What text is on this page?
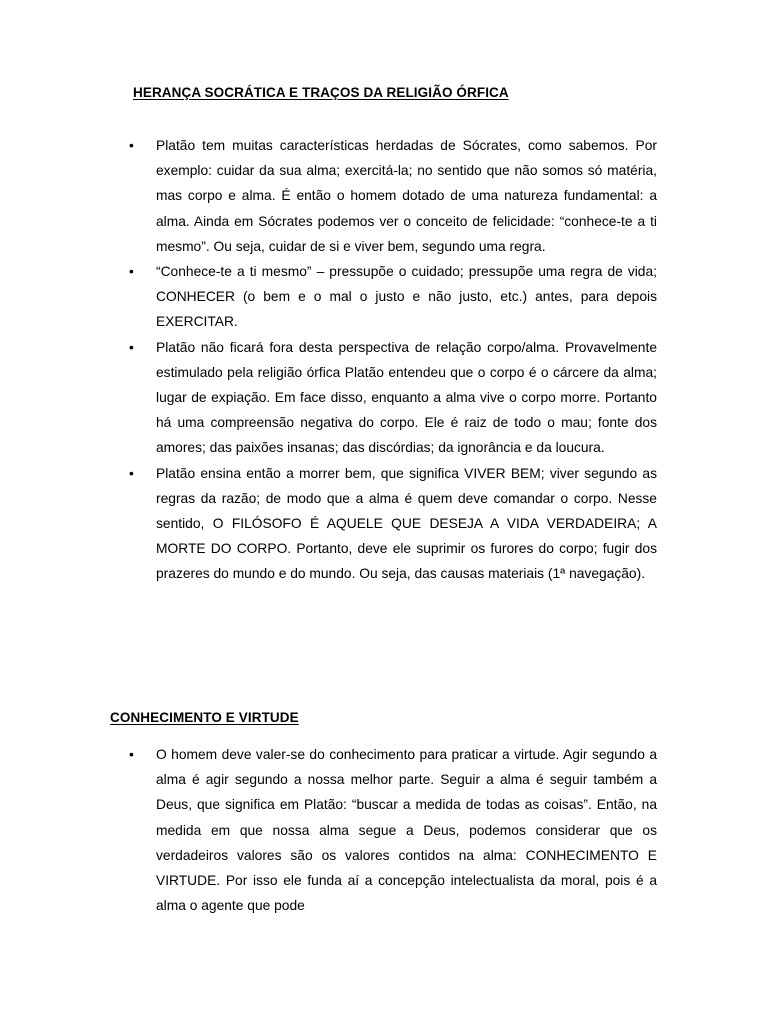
HERANÇA SOCRÁTICA E TRAÇOS DA RELIGIÃO ÓRFICA
• Platão tem muitas características herdadas de Sócrates, como sabemos. Por exemplo: cuidar da sua alma; exercitá-la; no sentido que não somos só matéria, mas corpo e alma. É então o homem dotado de uma natureza fundamental: a alma. Ainda em Sócrates podemos ver o conceito de felicidade: “conhece-te a ti mesmo”. Ou seja, cuidar de si e viver bem, segundo uma regra.
• “Conhece-te a ti mesmo” – pressupõe o cuidado; pressupõe uma regra de vida; CONHECER (o bem e o mal o justo e não justo, etc.) antes, para depois EXERCITAR.
• Platão não ficará fora desta perspectiva de relação corpo/alma. Provavelmente estimulado pela religião órfica Platão entendeu que o corpo é o cárcere da alma; lugar de expiação. Em face disso, enquanto a alma vive o corpo morre. Portanto há uma compreensão negativa do corpo. Ele é raiz de todo o mau; fonte dos amores; das paixões insanas; das discórdias; da ignorância e da loucura.
• Platão ensina então a morrer bem, que significa VIVER BEM; viver segundo as regras da razão; de modo que a alma é quem deve comandar o corpo. Nesse sentido, O FILÓSOFO É AQUELE QUE DESEJA A VIDA VERDADEIRA; A MORTE DO CORPO. Portanto, deve ele suprimir os furores do corpo; fugir dos prazeres do mundo e do mundo. Ou seja, das causas materiais (1ª navegação).
CONHECIMENTO E VIRTUDE
• O homem deve valer-se do conhecimento para praticar a virtude. Agir segundo a alma é agir segundo a nossa melhor parte. Seguir a alma é seguir também a Deus, que significa em Platão: “buscar a medida de todas as coisas”. Então, na medida em que nossa alma segue a Deus, podemos considerar que os verdadeiros valores são os valores contidos na alma: CONHECIMENTO E VIRTUDE. Por isso ele funda aí a concepção intelectualista da moral, pois é a alma o agente que pode
